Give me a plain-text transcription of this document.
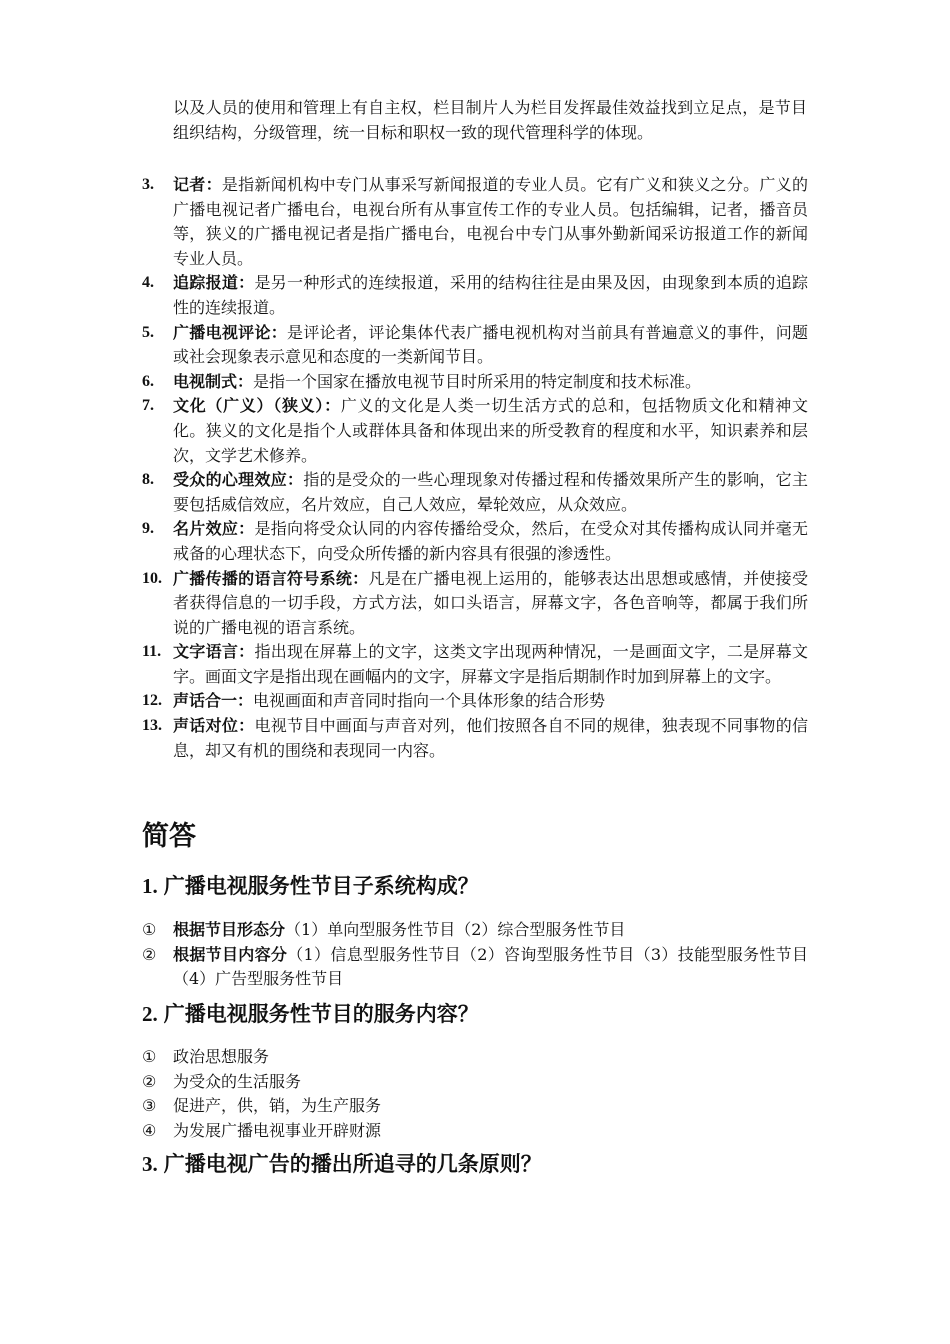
以及人员的使用和管理上有自主权，栏目制片人为栏目发挥最佳效益找到立足点，是节目组织结构，分级管理，统一目标和职权一致的现代管理科学的体现。

3. 记者：是指新闻机构中专门从事采写新闻报道的专业人员。它有广义和狭义之分。广义的广播电视记者广播电台，电视台所有从事宣传工作的专业人员。包括编辑，记者，播音员等，狭义的广播电视记者是指广播电台，电视台中专门从事外勤新闻采访报道工作的新闻专业人员。
4. 追踪报道：是另一种形式的连续报道，采用的结构往往是由果及因，由现象到本质的追踪性的连续报道。
5. 广播电视评论：是评论者，评论集体代表广播电视机构对当前具有普遍意义的事件，问题或社会现象表示意见和态度的一类新闻节目。
6. 电视制式：是指一个国家在播放电视节目时所采用的特定制度和技术标准。
7. 文化（广义）（狭义）：广义的文化是人类一切生活方式的总和，包括物质文化和精神文化。狭义的文化是指个人或群体具备和体现出来的所受教育的程度和水平，知识素养和层次，文学艺术修养。
8. 受众的心理效应：指的是受众的一些心理现象对传播过程和传播效果所产生的影响，它主要包括威信效应，名片效应，自己人效应，晕轮效应，从众效应。
9. 名片效应：是指向将受众认同的内容传播给受众，然后，在受众对其传播构成认同并毫无戒备的心理状态下，向受众所传播的新内容具有很强的渗透性。
10. 广播传播的语言符号系统：凡是在广播电视上运用的，能够表达出思想或感情，并使接受者获得信息的一切手段，方式方法，如口头语言，屏幕文字，各色音响等，都属于我们所说的广播电视的语言系统。
11. 文字语言：指出现在屏幕上的文字，这类文字出现两种情况，一是画面文字，二是屏幕文字。画面文字是指出现在画幅内的文字，屏幕文字是指后期制作时加到屏幕上的文字。
12. 声话合一：电视画面和声音同时指向一个具体形象的结合形势
13. 声话对位：电视节目中画面与声音对列，他们按照各自不同的规律，独表现不同事物的信息，却又有机的围绕和表现同一内容。
简答
1. 广播电视服务性节目子系统构成？
① 根据节目形态分（1）单向型服务性节目（2）综合型服务性节目
② 根据节目内容分（1）信息型服务性节目（2）咨询型服务性节目（3）技能型服务性节目（4）广告型服务性节目
2. 广播电视服务性节目的服务内容？
① 政治思想服务
② 为受众的生活服务
③ 促进产，供，销，为生产服务
④ 为发展广播电视事业开辟财源
3. 广播电视广告的播出所追寻的几条原则？
